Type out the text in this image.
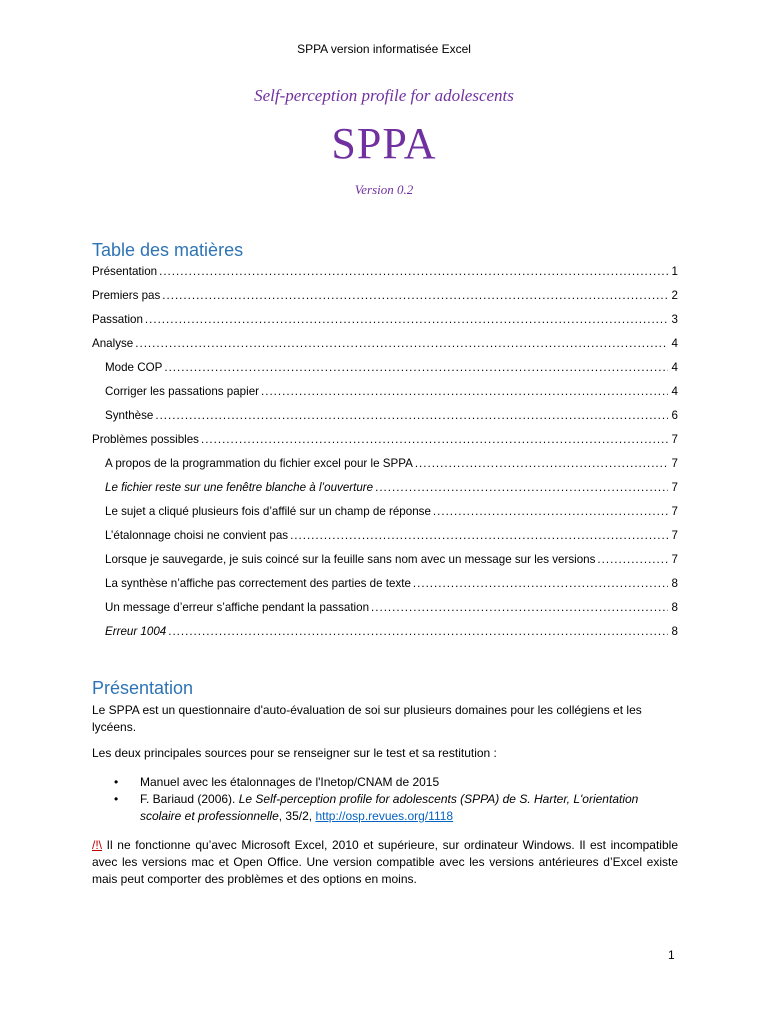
SPPA version informatisée Excel
Self-perception profile for adolescents
SPPA
Version 0.2
Table des matières
Présentation .....	1
Premiers pas .....	2
Passation .....	3
Analyse .....	4
Mode COP .....	4
Corriger les passations papier .....	4
Synthèse .....	6
Problèmes possibles .....	7
A propos de la programmation du fichier excel pour le SPPA .....	7
Le fichier reste sur une fenêtre blanche à l’ouverture .....	7
Le sujet a cliqué plusieurs fois d’affilé sur un champ de réponse .....	7
L’étalonnage choisi ne convient pas .....	7
Lorsque je sauvegarde, je suis coincé sur la feuille sans nom avec un message sur les versions .....	7
La synthèse n’affiche pas correctement des parties de texte .....	8
Un message d’erreur s’affiche pendant la passation .....	8
Erreur 1004 .....	8
Présentation
Le SPPA est un questionnaire d'auto-évaluation de soi sur plusieurs domaines pour les collégiens et les lycéens.
Les deux principales sources pour se renseigner sur le test et sa restitution :
• Manuel avec les étalonnages de l'Inetop/CNAM de 2015
• F. Bariaud (2006). Le Self-perception profile for adolescents (SPPA) de S. Harter, L'orientation scolaire et professionnelle, 35/2, http://osp.revues.org/1118
/!\ Il ne fonctionne qu’avec Microsoft Excel, 2010 et supérieure, sur ordinateur Windows. Il est incompatible avec les versions mac et Open Office. Une version compatible avec les versions antérieures d’Excel existe mais peut comporter des problèmes et des options en moins.
1
